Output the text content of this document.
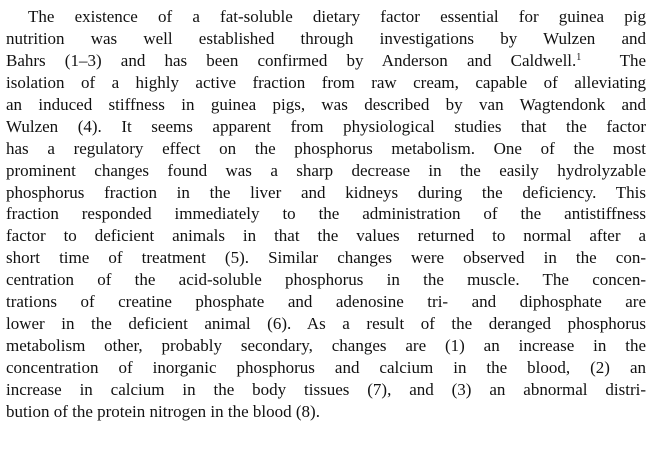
The existence of a fat-soluble dietary factor essential for guinea pig
nutrition was well established through investigations by Wulzen and
Bahrs (1–3) and has been confirmed by Anderson and Caldwell.$^1$ The
isolation of a highly active fraction from raw cream, capable of alleviating
an induced stiffness in guinea pigs, was described by van Wagtendonk and
Wulzen (4). It seems apparent from physiological studies that the factor
has a regulatory effect on the phosphorus metabolism. One of the most
prominent changes found was a sharp decrease in the easily hydrolyzable
phosphorus fraction in the liver and kidneys during the deficiency. This
fraction responded immediately to the administration of the antistiffness
factor to deficient animals in that the values returned to normal after a
short time of treatment (5). Similar changes were observed in the con-
centration of the acid-soluble phosphorus in the muscle. The concen-
trations of creatine phosphate and adenosine tri- and diphosphate are
lower in the deficient animal (6). As a result of the deranged phosphorus
metabolism other, probably secondary, changes are (1) an increase in the
concentration of inorganic phosphorus and calcium in the blood, (2) an
increase in calcium in the body tissues (7), and (3) an abnormal distri-
bution of the protein nitrogen in the blood (8).
